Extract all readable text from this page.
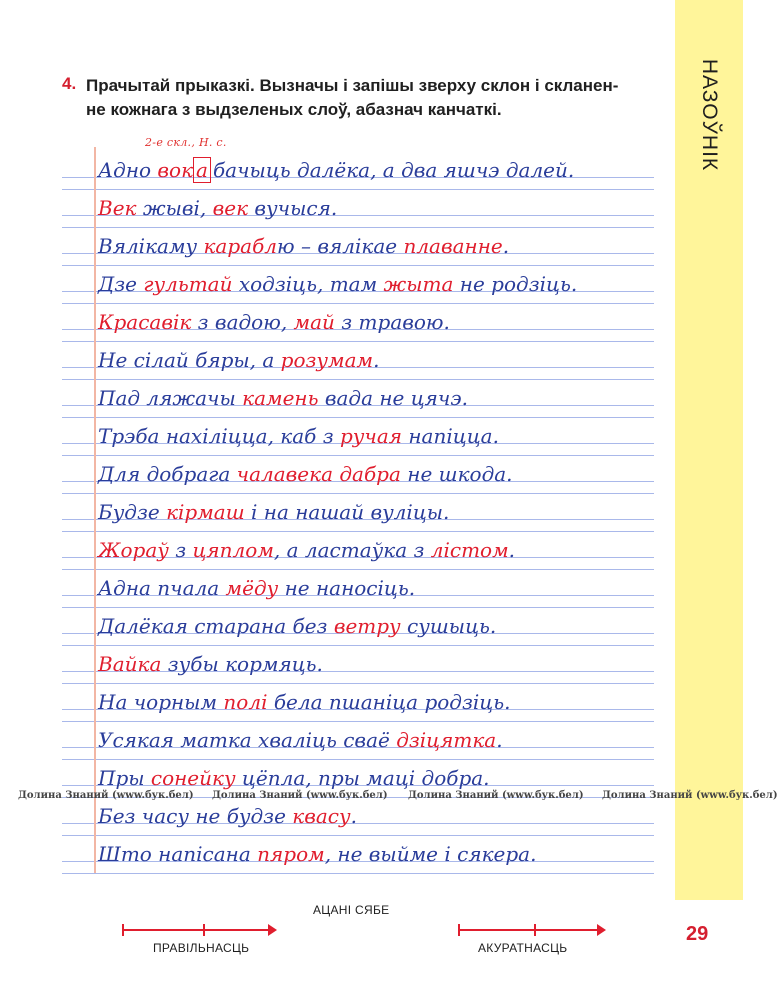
НАЗОЎНІК
29
4. Прачытай прыказкі. Вызначы і запішы зверху склон і скланен-
не кожнага з выдзеленых слоў, абазнач канчаткі.
2-е скл., Н. с.
Адно вок а бачыць далёка, а два яшчэ далей.
Век жыві, век вучыся.
Вялікаму караблю – вялікае плаванне.
Дзе гультай ходзіць, там жыта не родзіць.
Красавік з вадою, май з травою.
Не сілай бяры, а розумам.
Пад ляжачы камень вада не цячэ.
Трэба нахіліцца, каб з ручая напіцца.
Для добрага чалавека дабра не шкода.
Будзе кірмаш і на нашай вуліцы.
Жораў з цяплом, а ластаўка з лістом.
Адна пчала мёду не наносіць.
Далёкая старана без ветру сушыць.
Вайка зубы кормяць.
На чорным полі бела пшаніца родзіць.
Усякая матка хваліць сваё дзіцятка.
Пры сонейку цёпла, пры маці добра.
Без часу не будзе квасу.
Што напісана пяром, не выйме і сякера.
Долина Знаний (www.бук.бел) Долина Знаний (www.бук.бел) Долина Знаний (www.бук.бел) Долина Знаний (www.бук.бел)
АЦАНІ СЯБЕ
ПРАВІЛЬНАСЦЬ	АКУРАТНАСЦЬ
